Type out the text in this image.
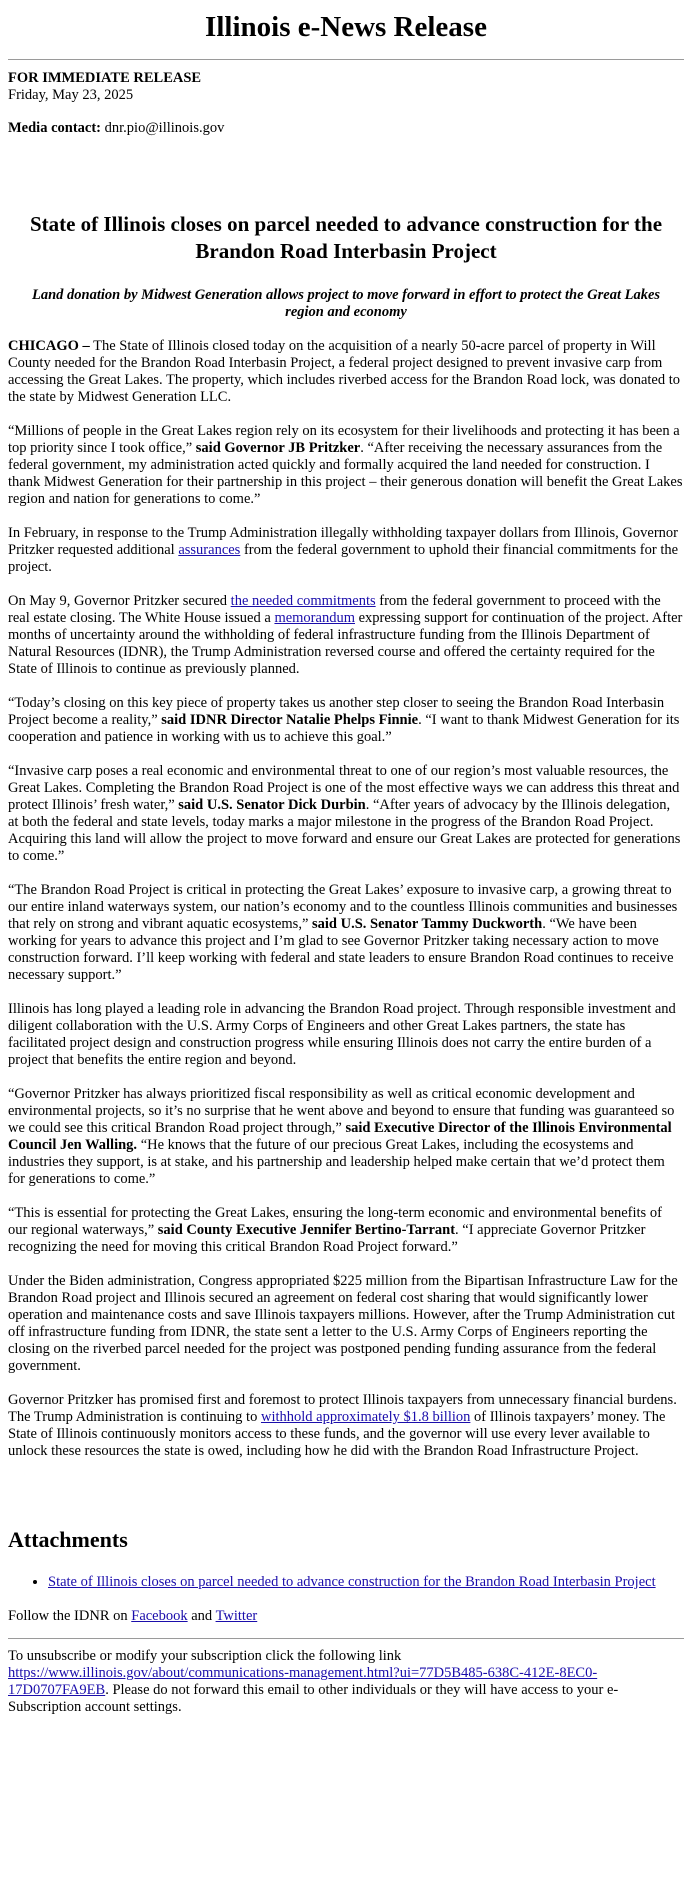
Illinois e-News Release
FOR IMMEDIATE RELEASE
Friday, May 23, 2025
Media contact: dnr.pio@illinois.gov
State of Illinois closes on parcel needed to advance construction for the Brandon Road Interbasin Project
Land donation by Midwest Generation allows project to move forward in effort to protect the Great Lakes region and economy

CHICAGO – The State of Illinois closed today on the acquisition of a nearly 50-acre parcel of property in Will County needed for the Brandon Road Interbasin Project, a federal project designed to prevent invasive carp from accessing the Great Lakes. The property, which includes riverbed access for the Brandon Road lock, was donated to the state by Midwest Generation LLC.

“Millions of people in the Great Lakes region rely on its ecosystem for their livelihoods and protecting it has been a top priority since I took office,” said Governor JB Pritzker. “After receiving the necessary assurances from the federal government, my administration acted quickly and formally acquired the land needed for construction. I thank Midwest Generation for their partnership in this project – their generous donation will benefit the Great Lakes region and nation for generations to come.”

In February, in response to the Trump Administration illegally withholding taxpayer dollars from Illinois, Governor Pritzker requested additional assurances from the federal government to uphold their financial commitments for the project.

On May 9, Governor Pritzker secured the needed commitments from the federal government to proceed with the real estate closing. The White House issued a memorandum expressing support for continuation of the project. After months of uncertainty around the withholding of federal infrastructure funding from the Illinois Department of Natural Resources (IDNR), the Trump Administration reversed course and offered the certainty required for the State of Illinois to continue as previously planned.

“Today’s closing on this key piece of property takes us another step closer to seeing the Brandon Road Interbasin Project become a reality,” said IDNR Director Natalie Phelps Finnie. “I want to thank Midwest Generation for its cooperation and patience in working with us to achieve this goal.”

“Invasive carp poses a real economic and environmental threat to one of our region’s most valuable resources, the Great Lakes. Completing the Brandon Road Project is one of the most effective ways we can address this threat and protect Illinois’ fresh water,” said U.S. Senator Dick Durbin. “After years of advocacy by the Illinois delegation, at both the federal and state levels, today marks a major milestone in the progress of the Brandon Road Project. Acquiring this land will allow the project to move forward and ensure our Great Lakes are protected for generations to come.”

“The Brandon Road Project is critical in protecting the Great Lakes’ exposure to invasive carp, a growing threat to our entire inland waterways system, our nation’s economy and to the countless Illinois communities and businesses that rely on strong and vibrant aquatic ecosystems,” said U.S. Senator Tammy Duckworth. “We have been working for years to advance this project and I’m glad to see Governor Pritzker taking necessary action to move construction forward. I’ll keep working with federal and state leaders to ensure Brandon Road continues to receive necessary support.”

Illinois has long played a leading role in advancing the Brandon Road project. Through responsible investment and diligent collaboration with the U.S. Army Corps of Engineers and other Great Lakes partners, the state has facilitated project design and construction progress while ensuring Illinois does not carry the entire burden of a project that benefits the entire region and beyond.

“Governor Pritzker has always prioritized fiscal responsibility as well as critical economic development and environmental projects, so it’s no surprise that he went above and beyond to ensure that funding was guaranteed so we could see this critical Brandon Road project through,” said Executive Director of the Illinois Environmental Council Jen Walling. “He knows that the future of our precious Great Lakes, including the ecosystems and industries they support, is at stake, and his partnership and leadership helped make certain that we’d protect them for generations to come.”

“This is essential for protecting the Great Lakes, ensuring the long-term economic and environmental benefits of our regional waterways,” said County Executive Jennifer Bertino-Tarrant. “I appreciate Governor Pritzker recognizing the need for moving this critical Brandon Road Project forward.”

Under the Biden administration, Congress appropriated $225 million from the Bipartisan Infrastructure Law for the Brandon Road project and Illinois secured an agreement on federal cost sharing that would significantly lower operation and maintenance costs and save Illinois taxpayers millions. However, after the Trump Administration cut off infrastructure funding from IDNR, the state sent a letter to the U.S. Army Corps of Engineers reporting the closing on the riverbed parcel needed for the project was postponed pending funding assurance from the federal government.

Governor Pritzker has promised first and foremost to protect Illinois taxpayers from unnecessary financial burdens. The Trump Administration is continuing to withhold approximately $1.8 billion of Illinois taxpayers’ money. The State of Illinois continuously monitors access to these funds, and the governor will use every lever available to unlock these resources the state is owed, including how he did with the Brandon Road Infrastructure Project.

Attachments
• State of Illinois closes on parcel needed to advance construction for the Brandon Road Interbasin Project
Follow the IDNR on Facebook and Twitter

To unsubscribe or modify your subscription click the following link https://www.illinois.gov/about/communications-management.html?ui=77D5B485-638C-412E-8EC0-17D0707FA9EB. Please do not forward this email to other individuals or they will have access to your e-Subscription account settings.
